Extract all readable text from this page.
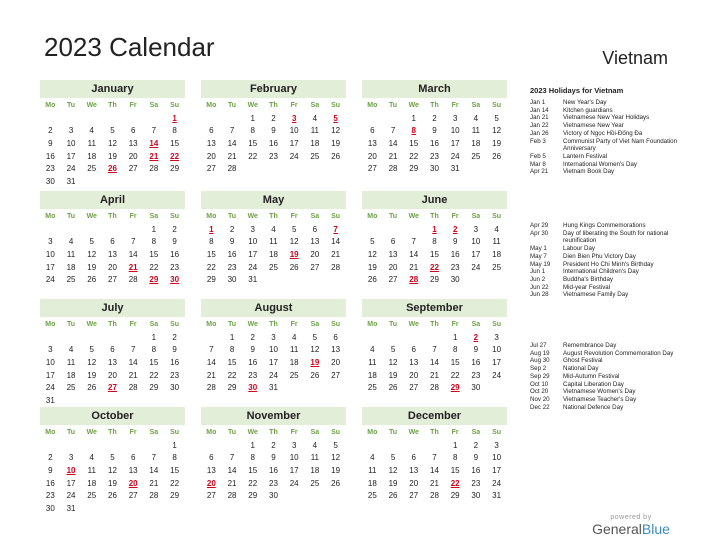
2023 Calendar	Vietnam
January
Mo	Tu	We	Th	Fr	Sa	Su
						1
2	3	4	5	6	7	8
9	10	11	12	13	14	15
16	17	18	19	20	21	22
23	24	25	26	27	28	29
30	31					
February
Mo	Tu	We	Th	Fr	Sa	Su
		1	2	3	4	5
6	7	8	9	10	11	12
13	14	15	16	17	18	19
20	21	22	23	24	25	26
27	28					
March
Mo	Tu	We	Th	Fr	Sa	Su
		1	2	3	4	5
6	7	8	9	10	11	12
13	14	15	16	17	18	19
20	21	22	23	24	25	26
27	28	29	30	31		
April
Mo	Tu	We	Th	Fr	Sa	Su
					1	2
3	4	5	6	7	8	9
10	11	12	13	14	15	16
17	18	19	20	21	22	23
24	25	26	27	28	29	30
May
Mo	Tu	We	Th	Fr	Sa	Su
1	2	3	4	5	6	7
8	9	10	11	12	13	14
15	16	17	18	19	20	21
22	23	24	25	26	27	28
29	30	31				
June
Mo	Tu	We	Th	Fr	Sa	Su
			1	2	3	4
5	6	7	8	9	10	11
12	13	14	15	16	17	18
19	20	21	22	23	24	25
26	27	28	29	30		
July
Mo	Tu	We	Th	Fr	Sa	Su
					1	2
3	4	5	6	7	8	9
10	11	12	13	14	15	16
17	18	19	20	21	22	23
24	25	26	27	28	29	30
31						
August
Mo	Tu	We	Th	Fr	Sa	Su
	1	2	3	4	5	6
7	8	9	10	11	12	13
14	15	16	17	18	19	20
21	22	23	24	25	26	27
28	29	30	31			
September
Mo	Tu	We	Th	Fr	Sa	Su
				1	2	3
4	5	6	7	8	9	10
11	12	13	14	15	16	17
18	19	20	21	22	23	24
25	26	27	28	29	30	
October
Mo	Tu	We	Th	Fr	Sa	Su
						1
2	3	4	5	6	7	8
9	10	11	12	13	14	15
16	17	18	19	20	21	22
23	24	25	26	27	28	29
30	31					
November
Mo	Tu	We	Th	Fr	Sa	Su
		1	2	3	4	5
6	7	8	9	10	11	12
13	14	15	16	17	18	19
20	21	22	23	24	25	26
27	28	29	30			
December
Mo	Tu	We	Th	Fr	Sa	Su
				1	2	3
4	5	6	7	8	9	10
11	12	13	14	15	16	17
18	19	20	21	22	23	24
25	26	27	28	29	30	31
2023 Holidays for Vietnam
Jan 1	New Year's Day
Jan 14	Kitchen guardians
Jan 21	Vietnamese New Year Holidays
Jan 22	Vietnamese New Year
Jan 26	Victory of Ngọc Hồi-Đống Đa
Feb 3	Communist Party of Viet Nam Foundation Anniversary
Feb 5	Lantern Festival
Mar 8	International Women's Day
Apr 21	Vietnam Book Day
Apr 29	Hung Kings Commemorations
Apr 30	Day of liberating the South for national reunification
May 1	Labour Day
May 7	Dien Bien Phu Victory Day
May 19	President Ho Chi Minh's Birthday
Jun 1	International Children's Day
Jun 2	Buddha's Birthday
Jun 22	Mid-year Festival
Jun 28	Vietnamese Family Day
Jul 27	Remembrance Day
Aug 19	August Revolution Commemoration Day
Aug 30	Ghost Festival
Sep 2	National Day
Sep 29	Mid-Autumn Festival
Oct 10	Capital Liberation Day
Oct 20	Vietnamese Women's Day
Nov 20	Vietnamese Teacher's Day
Dec 22	National Defence Day
powered by
GeneralBlue
